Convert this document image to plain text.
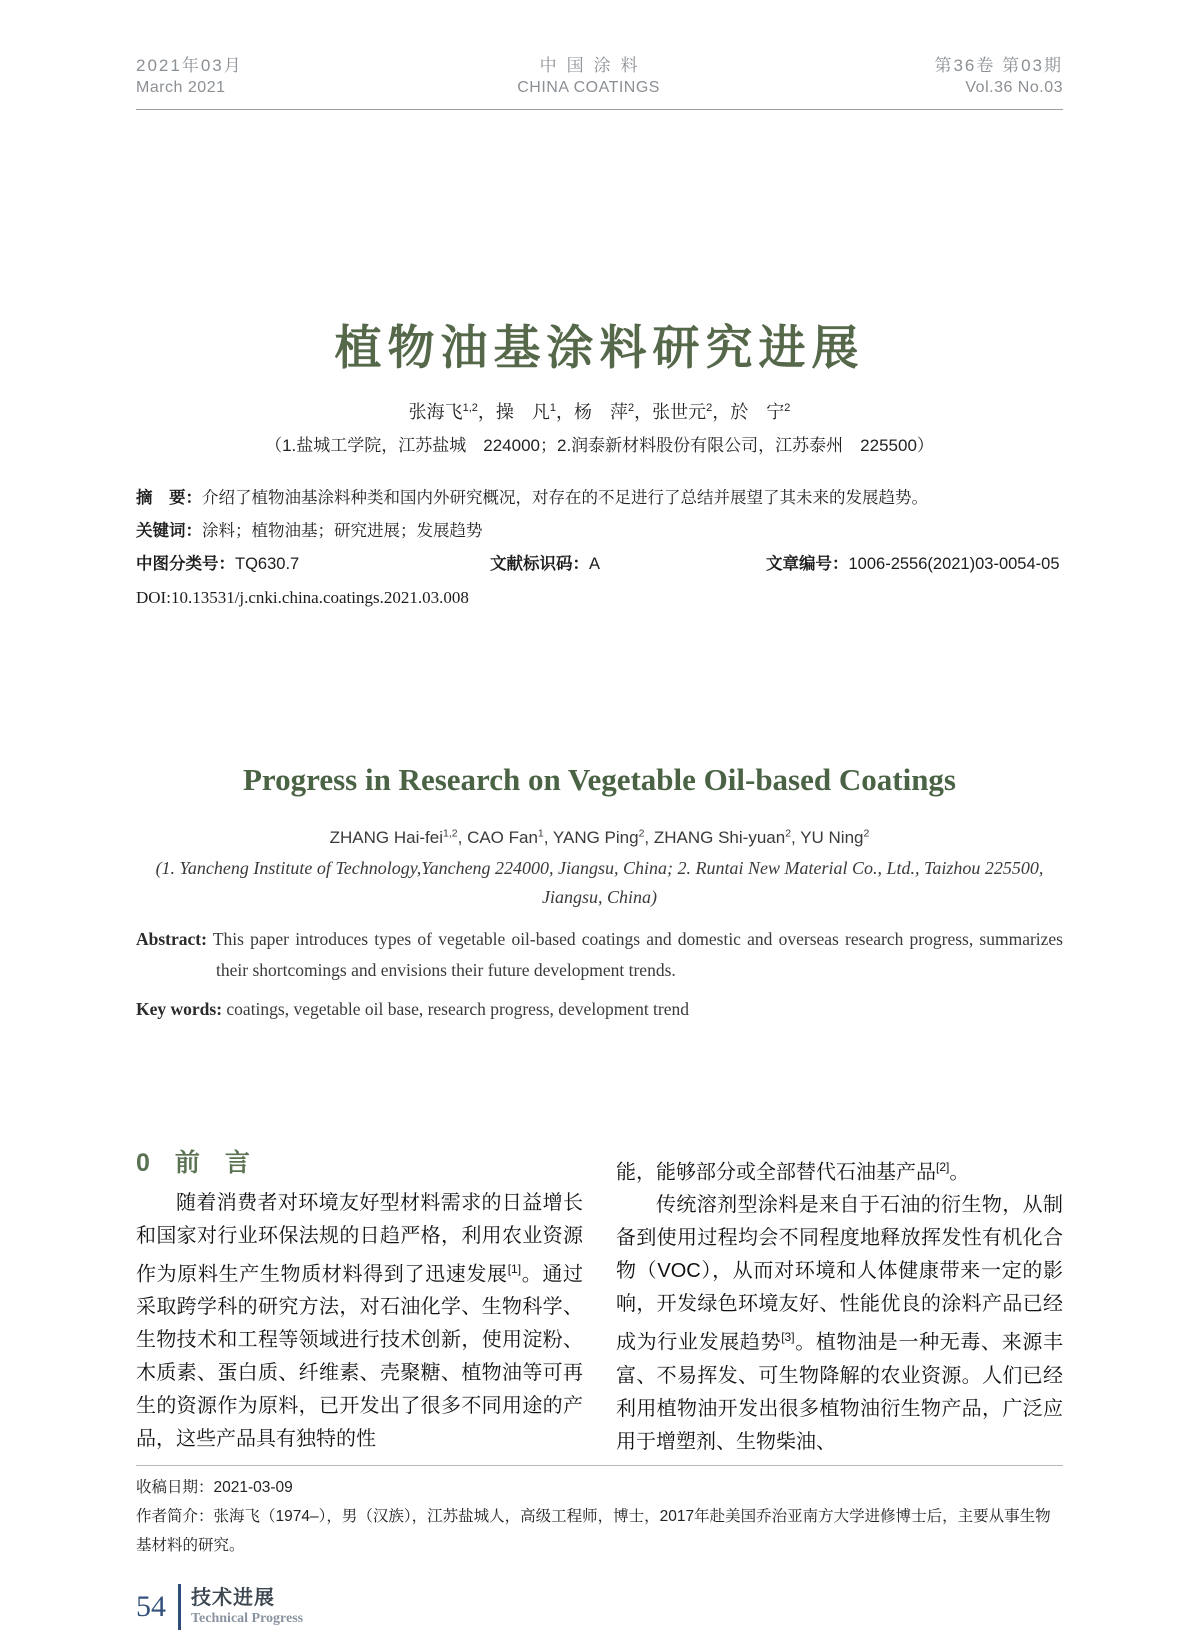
2021年03月
March 2021
中国涂料
CHINA COATINGS
第36卷 第03期
Vol.36 No.03
植物油基涂料研究进展
张海飞$^{1,2}$，操　凡$^1$，杨　萍$^2$，张世元$^2$，於　宁$^2$
（1.盐城工学院，江苏盐城　224000；2.润泰新材料股份有限公司，江苏泰州　225500）

摘　要：介绍了植物油基涂料种类和国内外研究概况，对存在的不足进行了总结并展望了其未来的发展趋势。

关键词：涂料；植物油基；研究进展；发展趋势

中图分类号：TQ630.7	文献标识码：A	文章编号：1006-2556(2021)03-0054-05

DOI:10.13531/j.cnki.china.coatings.2021.03.008

Progress in Research on Vegetable Oil-based Coatings
ZHANG Hai-fei$^{1,2}$, CAO Fan$^1$, YANG Ping$^2$, ZHANG Shi-yuan$^2$, YU Ning$^2$
(1. Yancheng Institute of Technology,Yancheng 224000, Jiangsu, China; 2. Runtai New Material Co., Ltd., Taizhou 225500, Jiangsu, China)

Abstract: This paper introduces types of vegetable oil-based coatings and domestic and overseas research progress, summarizes their shortcomings and envisions their future development trends.

Key words: coatings, vegetable oil base, research progress, development trend

0　前　言

随着消费者对环境友好型材料需求的日益增长和国家对行业环保法规的日趋严格，利用农业资源作为原料生产生物质材料得到了迅速发展[1]。通过采取跨学科的研究方法，对石油化学、生物科学、生物技术和工程等领域进行技术创新，使用淀粉、木质素、蛋白质、纤维素、壳聚糖、植物油等可再生的资源作为原料，已开发出了很多不同用途的产品，这些产品具有独特的性

能，能够部分或全部替代石油基产品[2]。

传统溶剂型涂料是来自于石油的衍生物，从制备到使用过程均会不同程度地释放挥发性有机化合物（VOC），从而对环境和人体健康带来一定的影响，开发绿色环境友好、性能优良的涂料产品已经成为行业发展趋势[3]。植物油是一种无毒、来源丰富、不易挥发、可生物降解的农业资源。人们已经利用植物油开发出很多植物油衍生物产品，广泛应用于增塑剂、生物柴油、

收稿日期：2021-03-09

作者简介：张海飞（1974–），男（汉族），江苏盐城人，高级工程师，博士，2017年赴美国乔治亚南方大学进修博士后，主要从事生物基材料的研究。

54 技术进展
Technical Progress
